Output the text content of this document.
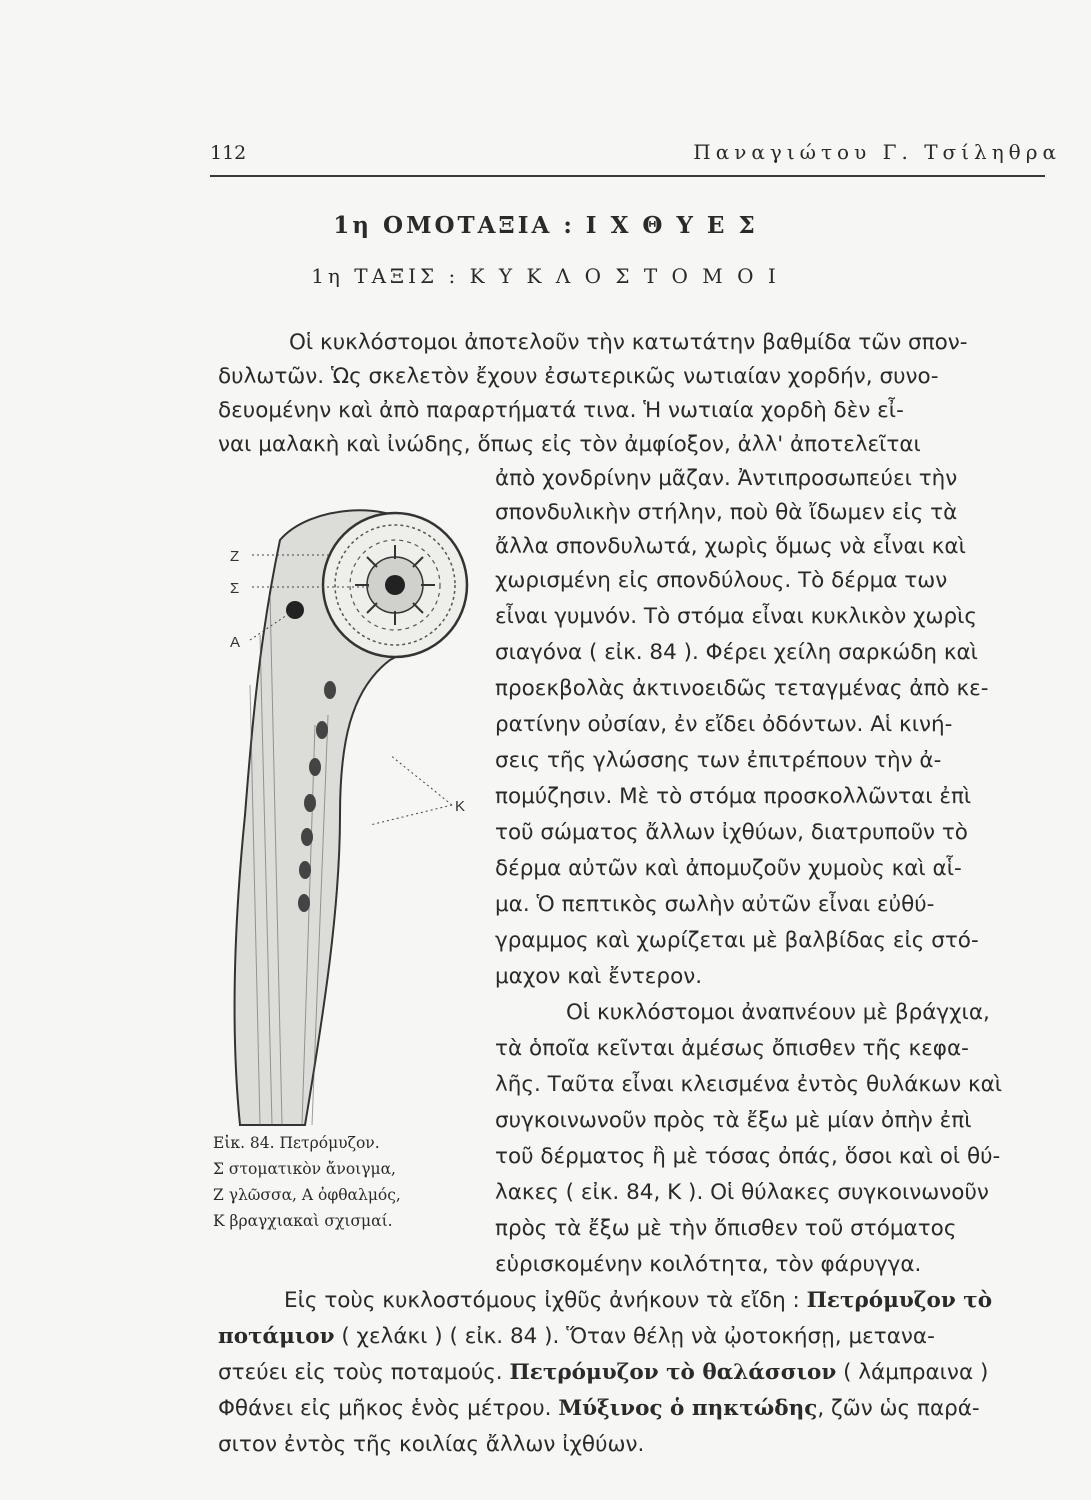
112	Παναγιώτου Γ. Τσίληθρα
1η ΟΜΟΤΑΞΙΑ : Ι Χ Θ Υ Ε Σ
1η ΤΑΞΙΣ : Κ Υ Κ Λ Ο Σ Τ Ο Μ Ο Ι
Οἱ κυκλόστομοι ἀποτελοῦν τὴν κατωτάτην βαθμίδα τῶν σπον-
δυλωτῶν. Ὡς σκελετὸν ἔχουν ἐσωτερικῶς νωτιαίαν χορδήν, συνο-
δευομένην καὶ ἀπὸ παραρτήματά τινα. Ἡ νωτιαία χορδὴ δὲν εἶ-
ναι μαλακὴ καὶ ἰνώδης, ὅπως εἰς τὸν ἀμφίοξον, ἀλλ' ἀποτελεῖται
ἀπὸ χονδρίνην μᾶζαν. Ἀντιπροσωπεύει τὴν
σπονδυλικὴν στήλην, ποὺ θὰ ἴδωμεν εἰς τὰ
ἄλλα σπονδυλωτά, χωρὶς ὅμως νὰ εἶναι καὶ
χωρισμένη εἰς σπονδύλους. Τὸ δέρμα των
εἶναι γυμνόν. Τὸ στόμα εἶναι κυκλικὸν χωρὶς
σιαγόνα ( εἰκ. 84 ). Φέρει χείλη σαρκώδη καὶ
προεκβολὰς ἀκτινοειδῶς τεταγμένας ἀπὸ κε-
ρατίνην οὐσίαν, ἐν εἴδει ὀδόντων. Αἱ κινή-
σεις τῆς γλώσσης των ἐπιτρέπουν τὴν ἀ-
πομύζησιν. Μὲ τὸ στόμα προσκολλῶνται ἐπὶ
τοῦ σώματος ἄλλων ἰχθύων, διατρυποῦν τὸ
δέρμα αὐτῶν καὶ ἀπομυζοῦν χυμοὺς καὶ αἷ-
μα. Ὁ πεπτικὸς σωλὴν αὐτῶν εἶναι εὐθύ-
γραμμος καὶ χωρίζεται μὲ βαλβίδας εἰς στό-
μαχον καὶ ἔντερον.
Οἱ κυκλόστομοι ἀναπνέουν μὲ βράγχια,
τὰ ὁποῖα κεῖνται ἀμέσως ὄπισθεν τῆς κεφα-
λῆς. Ταῦτα εἶναι κλεισμένα ἐντὸς θυλάκων καὶ
συγκοινωνοῦν πρὸς τὰ ἔξω μὲ μίαν ὀπὴν ἐπὶ
τοῦ δέρματος ἢ μὲ τόσας ὀπάς, ὅσοι καὶ οἱ θύ-
λακες ( εἰκ. 84, Κ ). Οἱ θύλακες συγκοινωνοῦν
πρὸς τὰ ἔξω μὲ τὴν ὄπισθεν τοῦ στόματος
εὑρισκομένην κοιλότητα, τὸν φάρυγγα.
Εἰς τοὺς κυκλοστόμους ἰχθῦς ἀνήκουν τὰ εἴδη : Πετρόμυζον τὸ
ποτάμιον ( χελάκι ) ( εἰκ. 84 ). Ὅταν θέλῃ νὰ ᾠοτοκήσῃ, μετανα-
στεύει εἰς τοὺς ποταμούς. Πετρόμυζον τὸ θαλάσσιον ( λάμπραινα )
Φθάνει εἰς μῆκος ἑνὸς μέτρου. Μύξινος ὁ πηκτώδης, ζῶν ὡς παρά-
σιτον ἐντὸς τῆς κοιλίας ἄλλων ἰχθύων.
Ζ
Σ
Α
Κ
Εἰκ. 84. Πετρόμυζον.
Σ στοματικὸν ἄνοιγμα,
Ζ γλῶσσα, Α ὀφθαλμός,
Κ βραγχιακαὶ σχισμαί.
